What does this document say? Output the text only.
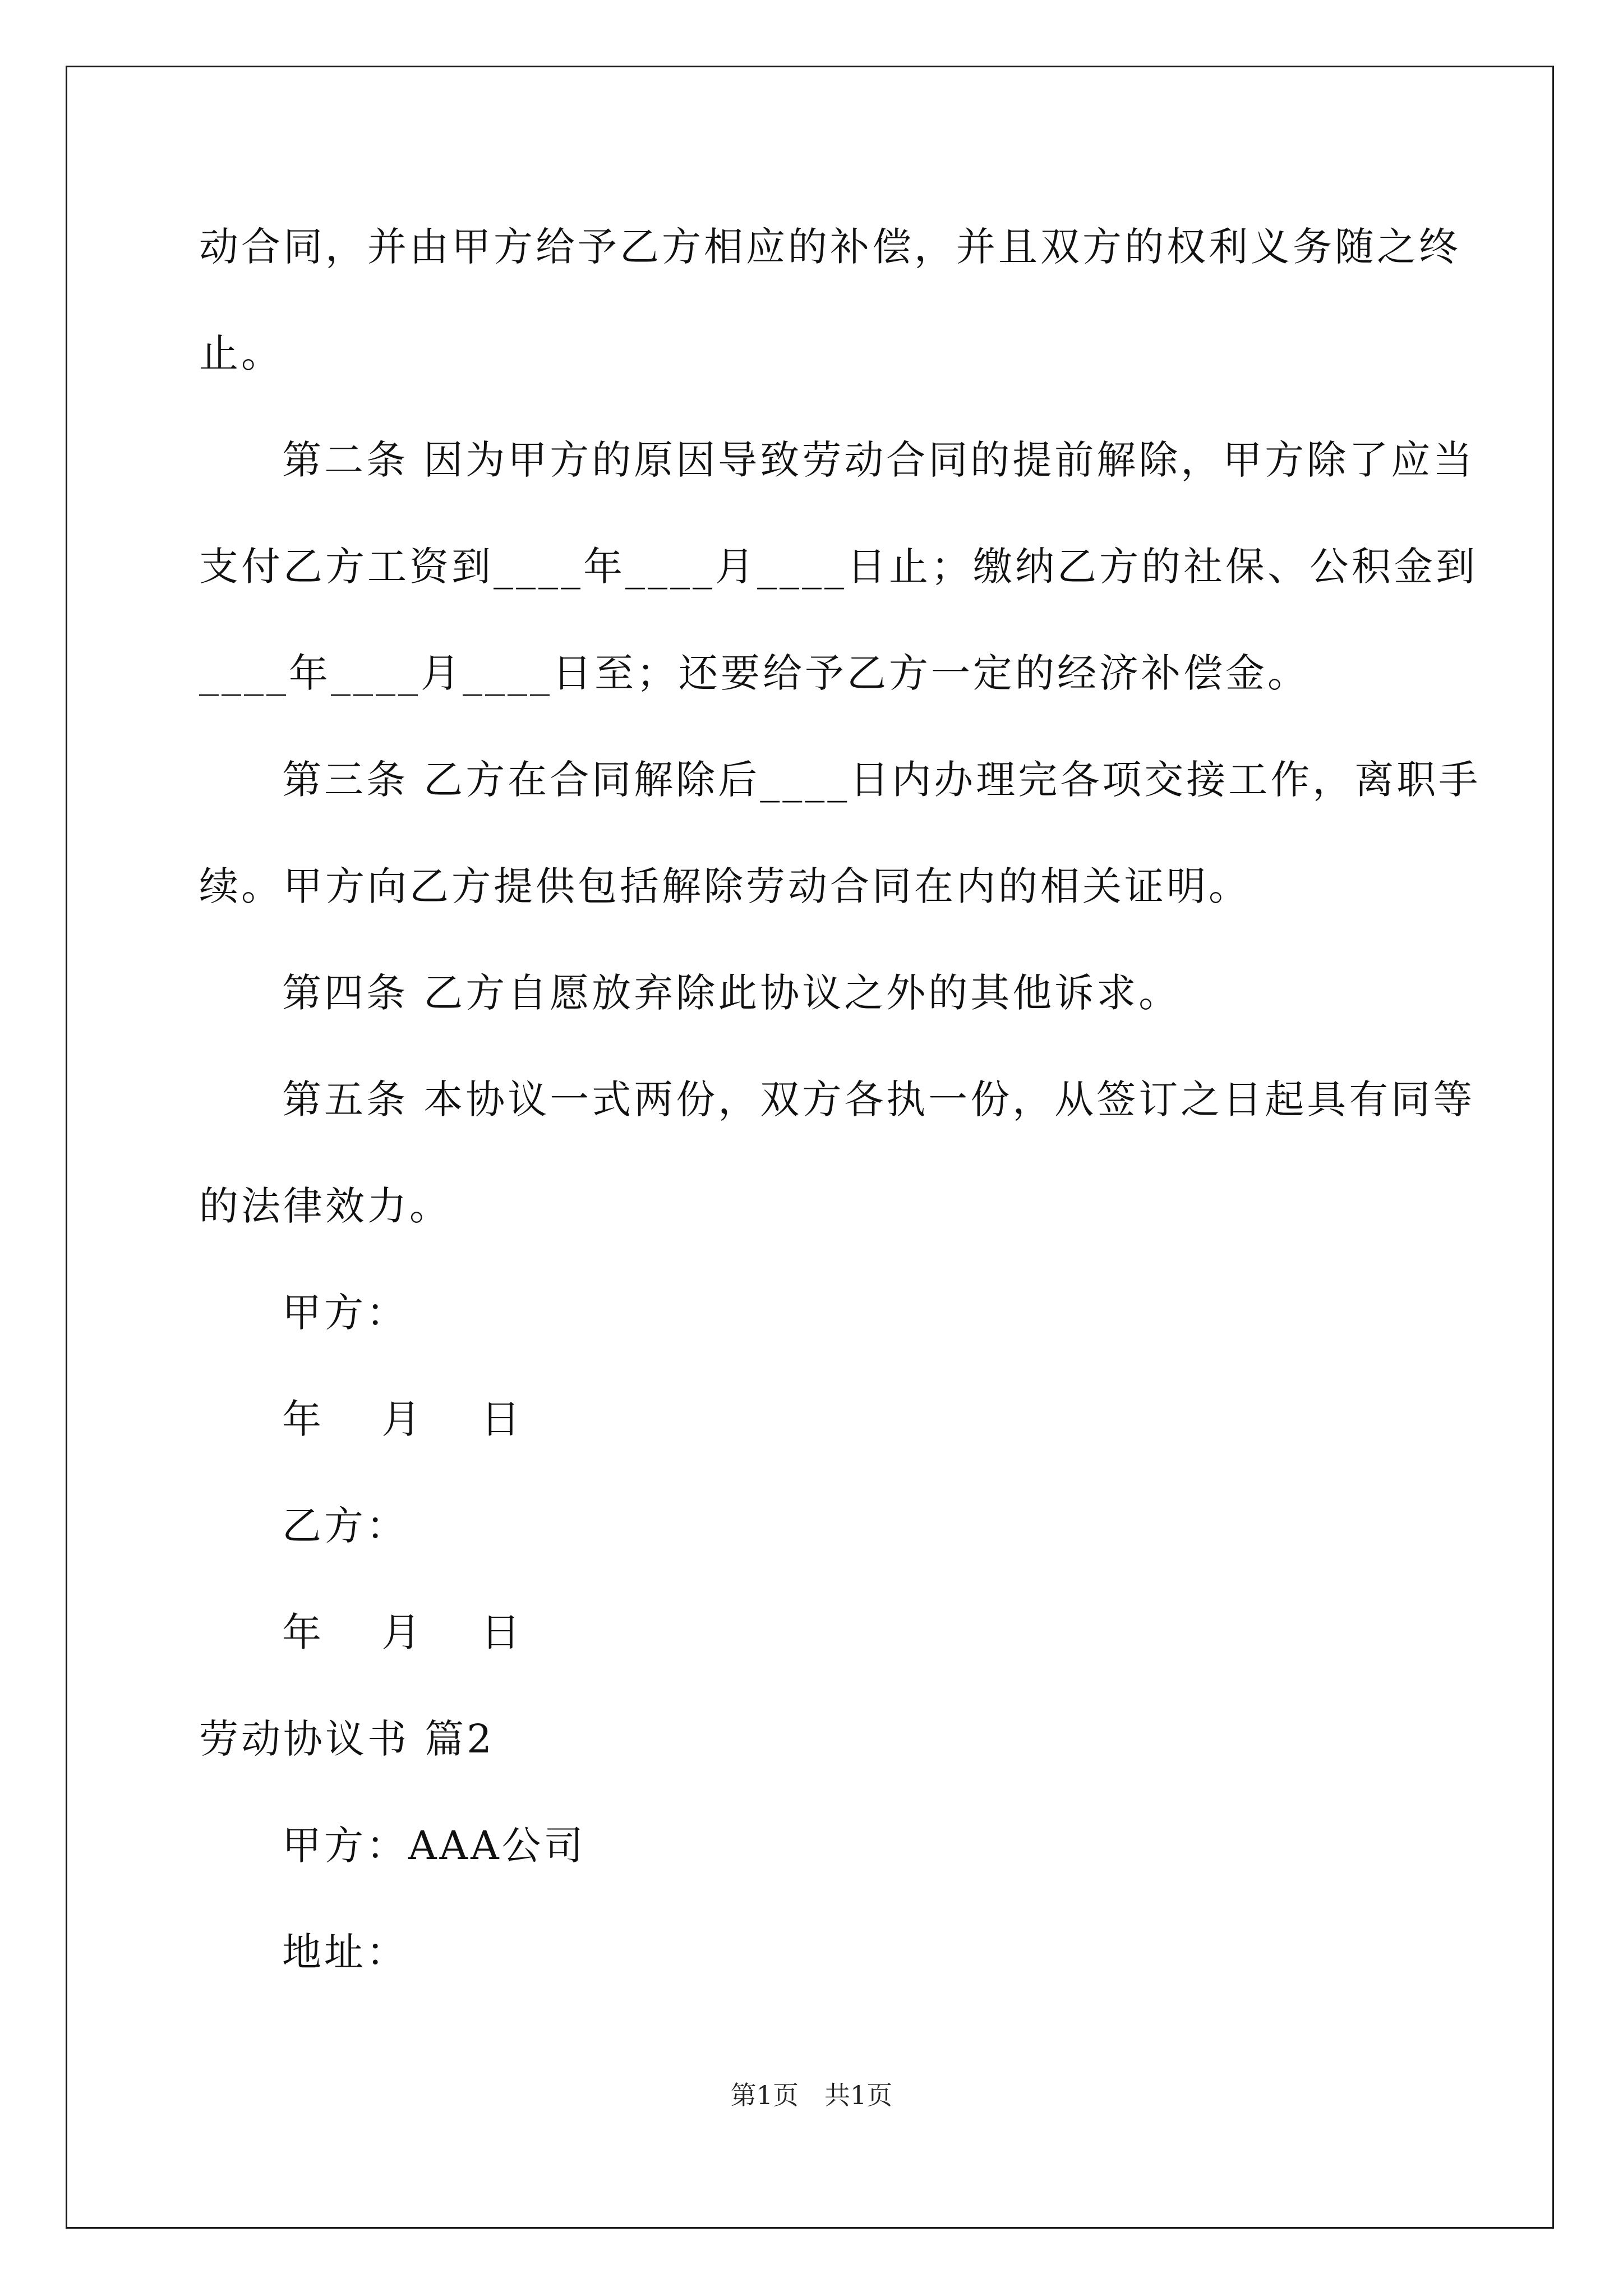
动合同，并由甲方给予乙方相应的补偿，并且双方的权利义务随之终

止。

第二条 因为甲方的原因导致劳动合同的提前解除，甲方除了应当

支付乙方工资到____年____月____日止；缴纳乙方的社保、公积金到

____年____月____日至；还要给予乙方一定的经济补偿金。

第三条 乙方在合同解除后____日内办理完各项交接工作，离职手

续。甲方向乙方提供包括解除劳动合同在内的相关证明。

第四条 乙方自愿放弃除此协议之外的其他诉求。

第五条 本协议一式两份，双方各执一份，从签订之日起具有同等

的法律效力。

甲方：

年　 月　 日

乙方：

年　 月　 日

劳动协议书 篇2

甲方：AAA公司

地址：

第1页　共1页
